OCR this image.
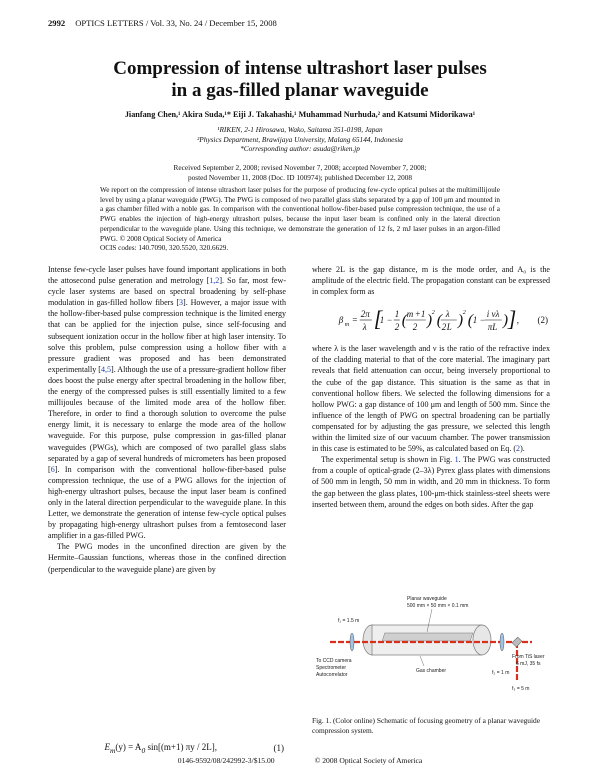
2992 OPTICS LETTERS / Vol. 33, No. 24 / December 15, 2008
Compression of intense ultrashort laser pulses
in a gas-filled planar waveguide
Jianfang Chen,¹ Akira Suda,¹* Eiji J. Takahashi,¹ Muhammad Nurhuda,² and Katsumi Midorikawa¹
¹RIKEN, 2-1 Hirosawa, Wako, Saitama 351-0198, Japan
²Physics Department, Brawijaya University, Malang 65144, Indonesia
*Corresponding author: asuda@riken.jp
Received September 2, 2008; revised November 7, 2008; accepted November 7, 2008;
posted November 11, 2008 (Doc. ID 100974); published December 12, 2008
We report on the compression of intense ultrashort laser pulses for the purpose of producing few-cycle optical pulses at the multimillijoule level by using a planar waveguide (PWG). The PWG is composed of two parallel glass slabs separated by a gap of 100 μm and mounted in a gas chamber filled with a noble gas. In comparison with the conventional hollow-fiber-based pulse compression technique, the use of a PWG enables the injection of high-energy ultrashort pulses, because the input laser beam is confined only in the lateral direction perpendicular to the waveguide plane. Using this technique, we demonstrate the generation of 12 fs, 2 mJ laser pulses in an argon-filled PWG. © 2008 Optical Society of America
OCIS codes: 140.7090, 320.5520, 320.6629.

Intense few-cycle laser pulses have found important applications in both the attosecond pulse generation and metrology [1,2]. So far, most few-cycle laser systems are based on spectral broadening by self-phase modulation in gas-filled hollow fibers [3]. However, a major issue with the hollow-fiber-based pulse compression technique is the limited energy that can be applied for the injection pulse, since self-focusing and subsequent ionization occur in the hollow fiber at high laser intensity. To solve this problem, pulse compression using a hollow fiber with a pressure gradient was proposed and has been demonstrated experimentally [4,5]. Although the use of a pressure-gradient hollow fiber does boost the pulse energy after spectral broadening in the hollow fiber, the energy of the compressed pulses is still essentially limited to a few millijoules because of the limited mode area of the hollow fiber. Therefore, in order to find a thorough solution to overcome the pulse energy limit, it is necessary to enlarge the mode area of the hollow waveguide. For this purpose, pulse compression in gas-filled planar waveguides (PWGs), which are composed of two parallel glass slabs separated by a gap of several hundreds of micrometers has been proposed [6]. In comparison with the conventional hollow-fiber-based pulse compression technique, the use of a PWG allows for the injection of high-energy ultrashort pulses, because the input laser beam is confined only in the lateral direction perpendicular to the waveguide plane. In this Letter, we demonstrate the generation of intense few-cycle optical pulses by propagating high-energy ultrashort pulses from a femtosecond laser amplifier in a gas-filled PWG.

The PWG modes in the unconfined direction are given by the Hermite–Gaussian functions, whereas those in the confined direction (perpendicular to the waveguide plane) are given by

$E_m(y) = A_0$ sin[(m+1) πy / 2L],	(1)

where 2L is the gap distance, m is the mode order, and A₀ is the amplitude of the electric field. The propagation constant can be expressed in complex form as

β m =
2π
λ [
1 −
1
2 ( m +1
2 ) 2 ( λ
2 L ) 2 ( 1 −
i νλ
πL ) ] , (2)

where λ is the laser wavelength and ν is the ratio of the refractive index of the cladding material to that of the core material. The imaginary part reveals that field attenuation can occur, being inversely proportional to the cube of the gap distance. This situation is the same as that in conventional hollow fibers. We selected the following dimensions for a hollow PWG: a gap distance of 100 μm and length of 500 mm. Since the influence of the length of PWG on spectral broadening can be partially compensated for by adjusting the gas pressure, we selected this length within the limited size of our vacuum chamber. The power transmission in this case is estimated to be 59%, as calculated based on Eq. (2).

The experimental setup is shown in Fig. 1. The PWG was constructed from a couple of optical-grade (2–3λ) Pyrex glass plates with dimensions of 500 mm in length, 50 mm in width, and 20 mm in thickness. To form the gap between the glass plates, 100-μm-thick stainless-steel sheets were inserted between them, around the edges on both sides. After the gap

Planar waveguide
500 mm × 50 mm × 0.1 mm
f₁ = 1.5 m
f₂ = 1 m
f₃ = 5 m
To CCD camera
Spectrometer
Autocorrelator
Gas chamber
From TiS laser
6 mJ, 35 fs
Fig. 1. (Color online) Schematic of focusing geometry of a planar waveguide compression system.
0146-9592/08/242992-3/$15.00	© 2008 Optical Society of America
